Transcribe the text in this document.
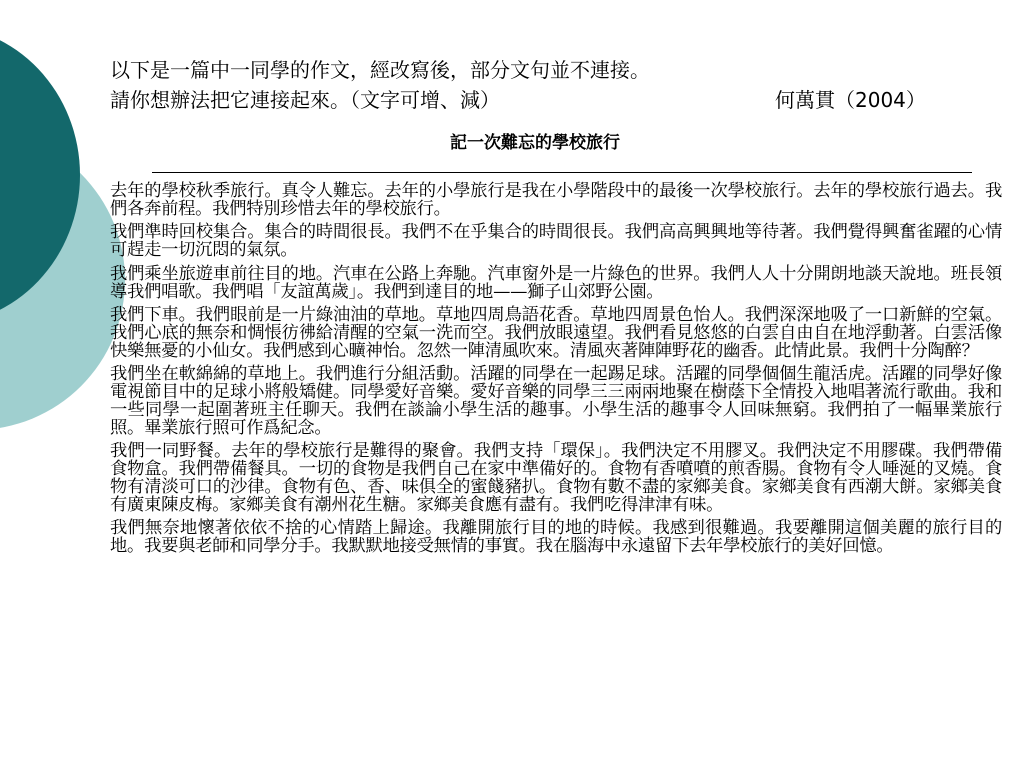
以下是一篇中一同學的作文，經改寫後，部分文句並不連接。
請你想辦法把它連接起來。（文字可增、減）	何萬貫（2004）
記一次難忘的學校旅行

去年的學校秋季旅行。真令人難忘。去年的小學旅行是我在小學階段中的最後一次學校旅行。去年的學校旅行過去。我們各奔前程。我們特別珍惜去年的學校旅行。

我們準時回校集合。集合的時間很長。我們不在乎集合的時間很長。我們高高興興地等待著。我們覺得興奮雀躍的心情可趕走一切沉悶的氣氛。

我們乘坐旅遊車前往目的地。汽車在公路上奔馳。汽車窗外是一片綠色的世界。我們人人十分開朗地談天說地。班長領導我們唱歌。我們唱「友誼萬歲」。我們到達目的地——獅子山郊野公園。

我們下車。我們眼前是一片綠油油的草地。草地四周鳥語花香。草地四周景色怡人。我們深深地吸了一口新鮮的空氣。我們心底的無奈和惆悵彷彿給清醒的空氣一洗而空。我們放眼遠望。我們看見悠悠的白雲自由自在地浮動著。白雲活像快樂無憂的小仙女。我們感到心曠神怡。忽然一陣清風吹來。清風夾著陣陣野花的幽香。此情此景。我們十分陶醉？

我們坐在軟綿綿的草地上。我們進行分組活動。活躍的同學在一起踢足球。活躍的同學個個生龍活虎。活躍的同學好像電視節目中的足球小將般矯健。同學愛好音樂。愛好音樂的同學三三兩兩地聚在樹蔭下全情投入地唱著流行歌曲。我和一些同學一起圍著班主任聊天。我們在談論小學生活的趣事。小學生活的趣事令人回味無窮。我們拍了一幅畢業旅行照。畢業旅行照可作爲紀念。

我們一同野餐。去年的學校旅行是難得的聚會。我們支持「環保」。我們決定不用膠叉。我們決定不用膠碟。我們帶備食物盒。我們帶備餐具。一切的食物是我們自己在家中準備好的。食物有香噴噴的煎香腸。食物有令人唾涎的叉燒。食物有清淡可口的沙律。食物有色、香、味俱全的蜜餞豬扒。食物有數不盡的家鄉美食。家鄉美食有西潮大餅。家鄉美食有廣東陳皮梅。家鄉美食有潮州花生糖。家鄉美食應有盡有。我們吃得津津有味。

我們無奈地懷著依依不捨的心情踏上歸途。我離開旅行目的地的時候。我感到很難過。我要離開這個美麗的旅行目的地。我要與老師和同學分手。我默默地接受無情的事實。我在腦海中永遠留下去年學校旅行的美好回憶。
